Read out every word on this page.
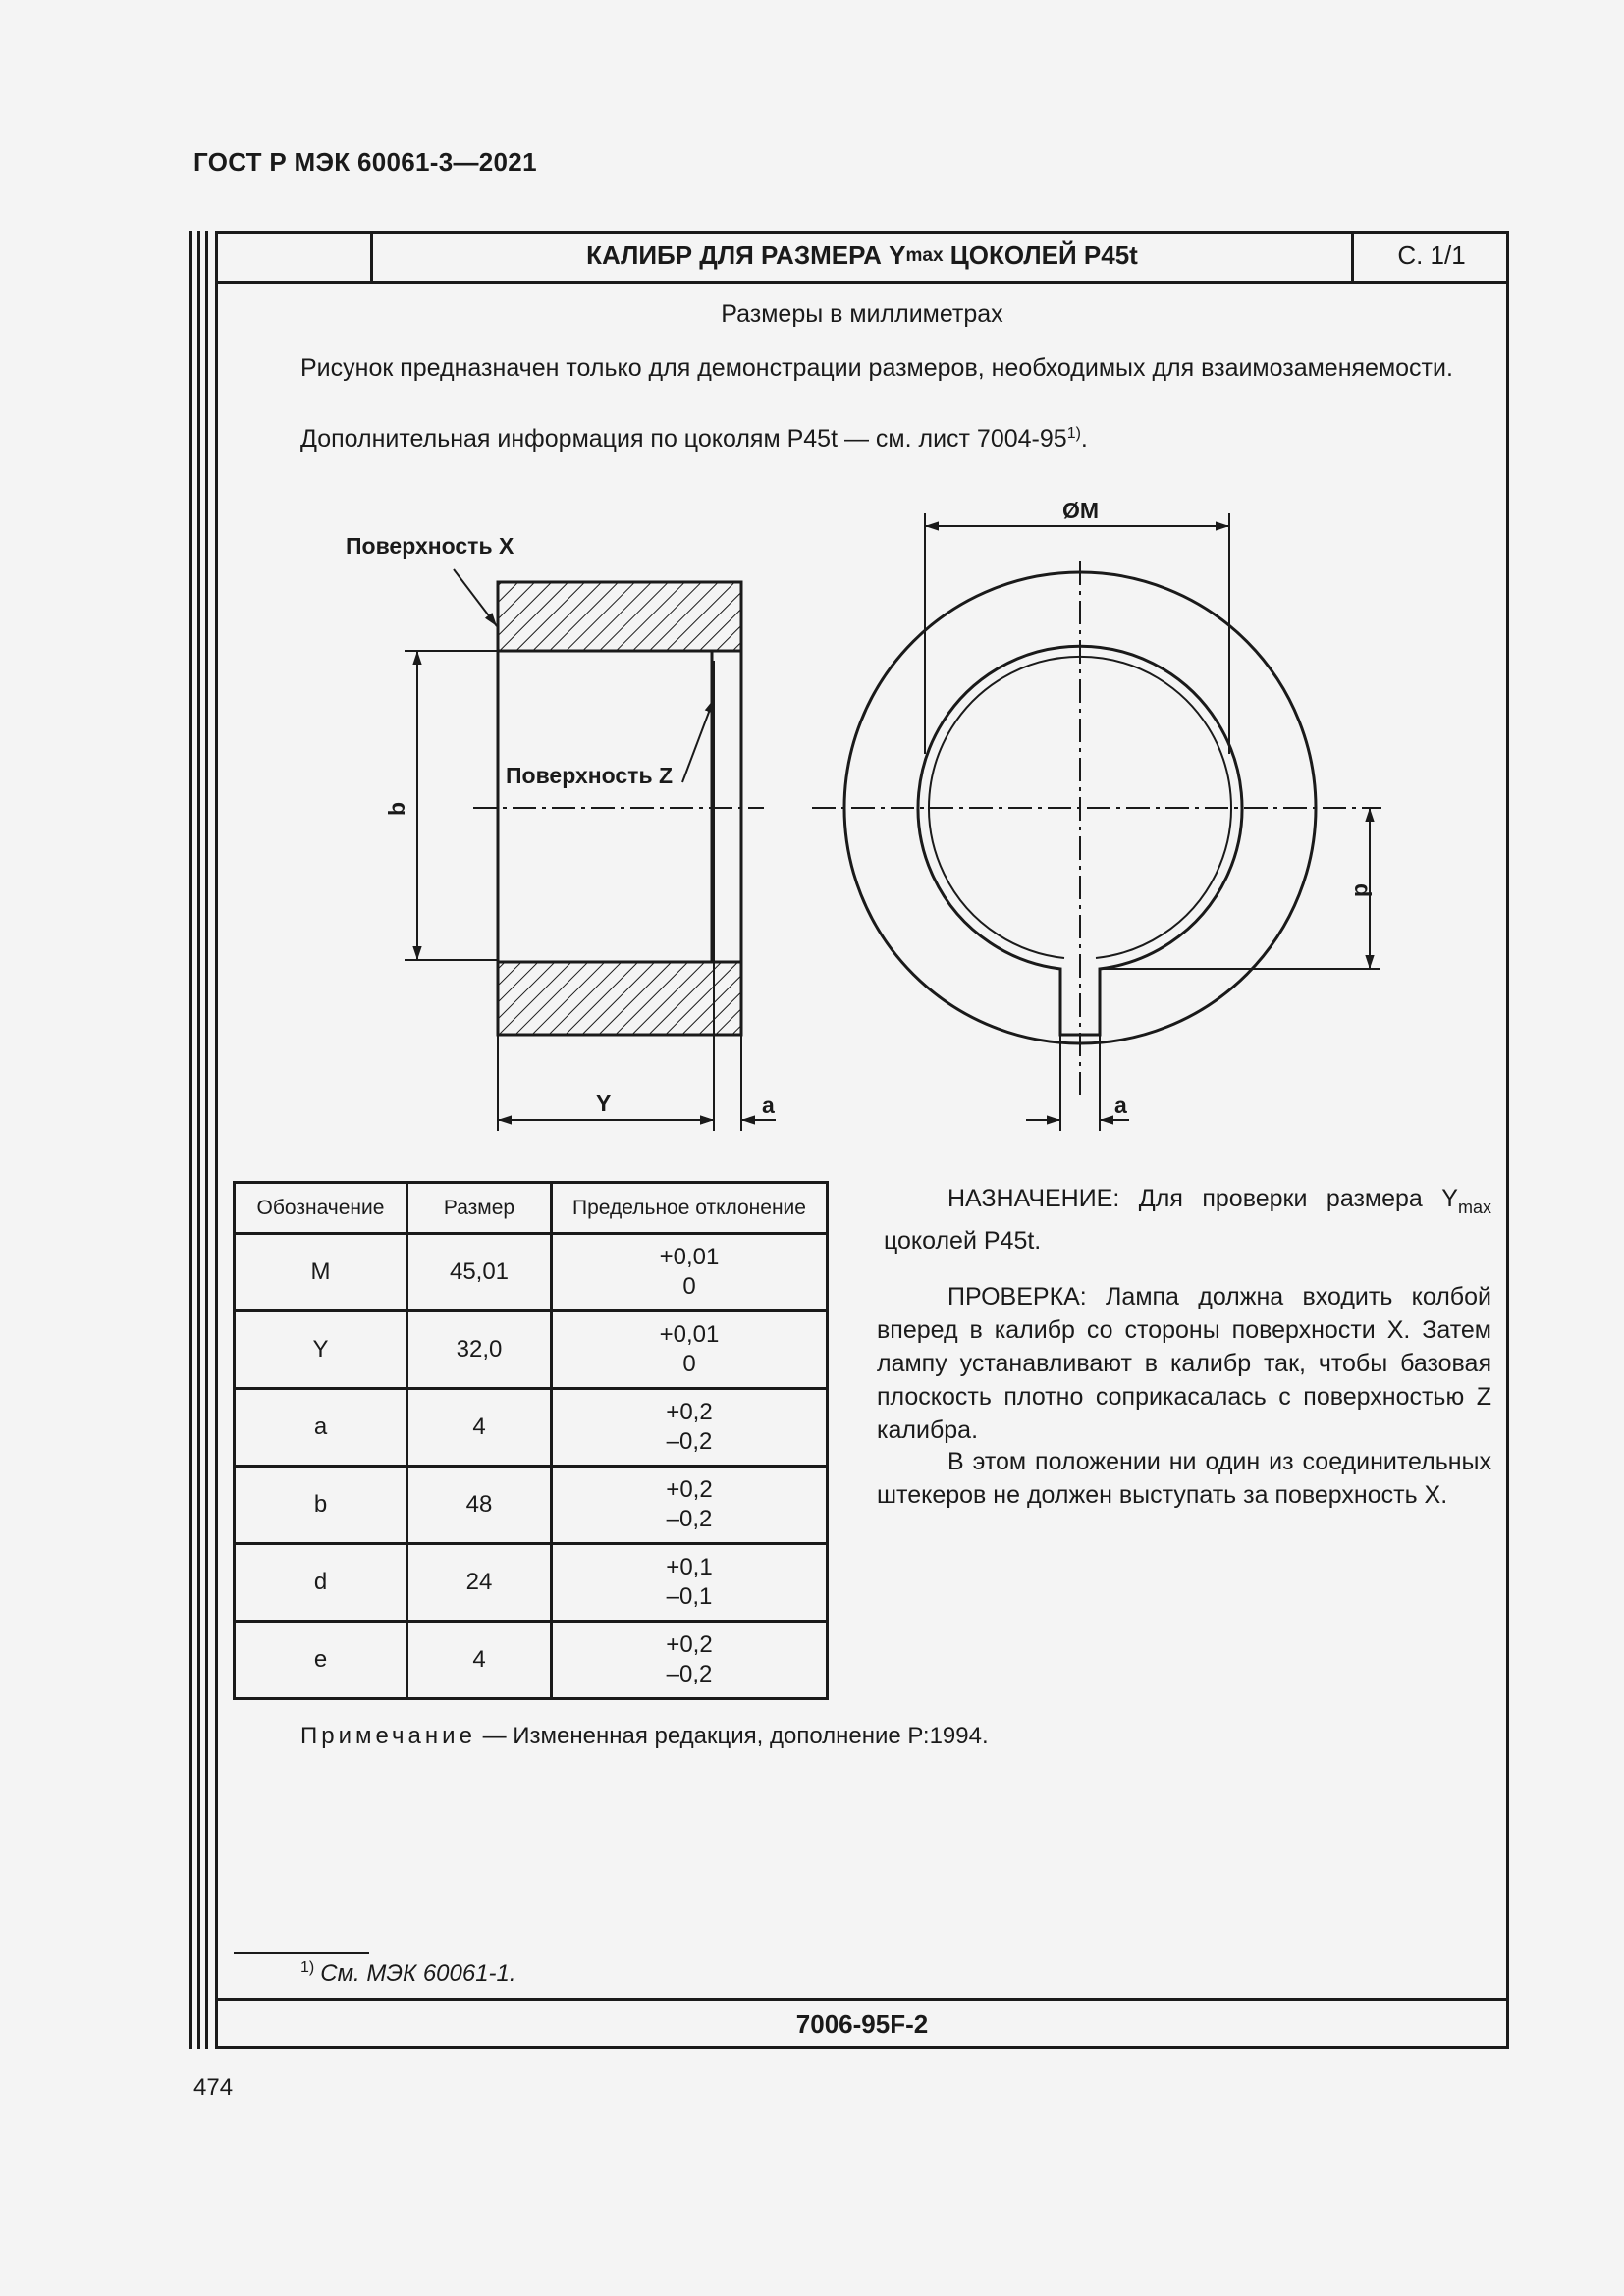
ГОСТ Р МЭК 60061-3—2021
КАЛИБР ДЛЯ РАЗМЕРА Y max ЦОКОЛЕЙ Р45t	С. 1/1
Размеры в миллиметрах
Рисунок предназначен только для демонстрации размеров, необходимых для взаимозаменяемости.
Дополнительная информация по цоколям Р45t — см. лист 7004-95$^{1)}$.
Поверхность X
Поверхность Z
b
Y	a
ØM
d
a
Обозначение	Размер	Предельное отклонение
M	45,01	+0,01
0
Y	32,0	+0,01
0
a	4	+0,2
–0,2
b	48	+0,2
–0,2
d	24	+0,1
–0,1
e	4	+0,2
–0,2
НАЗНАЧЕНИЕ: Для проверки размера $Y_{max}$ цоколей Р45t.
ПРОВЕРКА: Лампа должна входить колбой вперед в калибр со стороны поверхности X. Затем лампу устанавливают в калибр так, чтобы базовая плоскость плотно соприкасалась с поверхностью Z калибра.
В этом положении ни один из соединительных штекеров не должен выступать за поверхность X.
Примечание — Измененная редакция, дополнение Р:1994.
$^{1)}$ См. МЭК 60061-1.
7006-95F-2
474
